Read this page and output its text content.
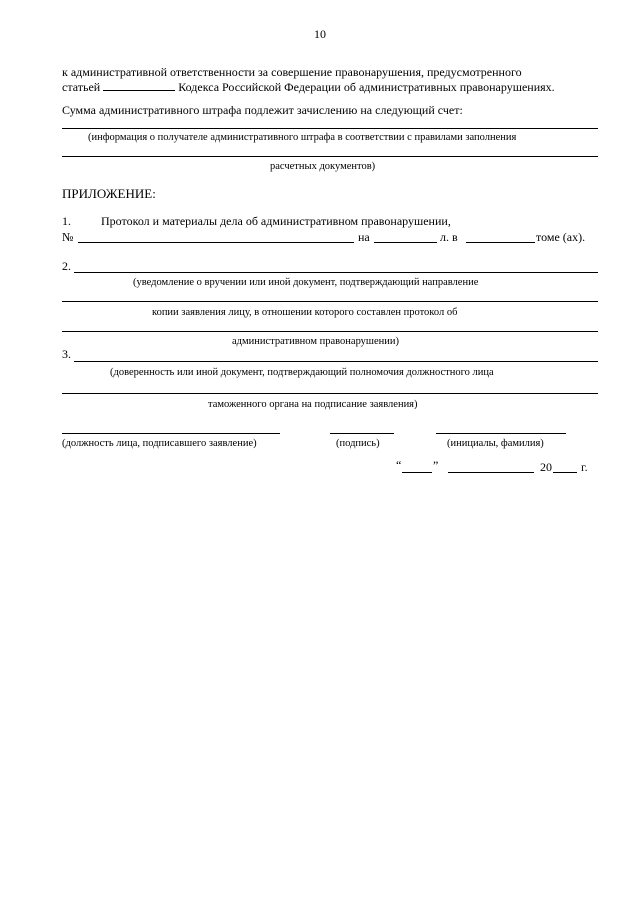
10
к административной ответственности за совершение правонарушения, предусмотренного
статьей	Кодекса Российской Федерации об административных правонарушениях.
Сумма административного штрафа подлежит зачислению на следующий счет:
(информация о получателе административного штрафа в соответствии с правилами заполнения
расчетных документов)
ПРИЛОЖЕНИЕ:
1.	Протокол и материалы дела об административном правонарушении,
№	на	л. в	томе (ах).
2.
(уведомление о вручении или иной документ, подтверждающий направление
копии заявления лицу, в отношении которого составлен протокол об
административном правонарушении)
3.
(доверенность или иной документ, подтверждающий полномочия должностного лица
таможенного органа на подписание заявления)
(должность лица, подписавшего заявление)	(подпись)	(инициалы, фамилия)
“	”	20 г.
